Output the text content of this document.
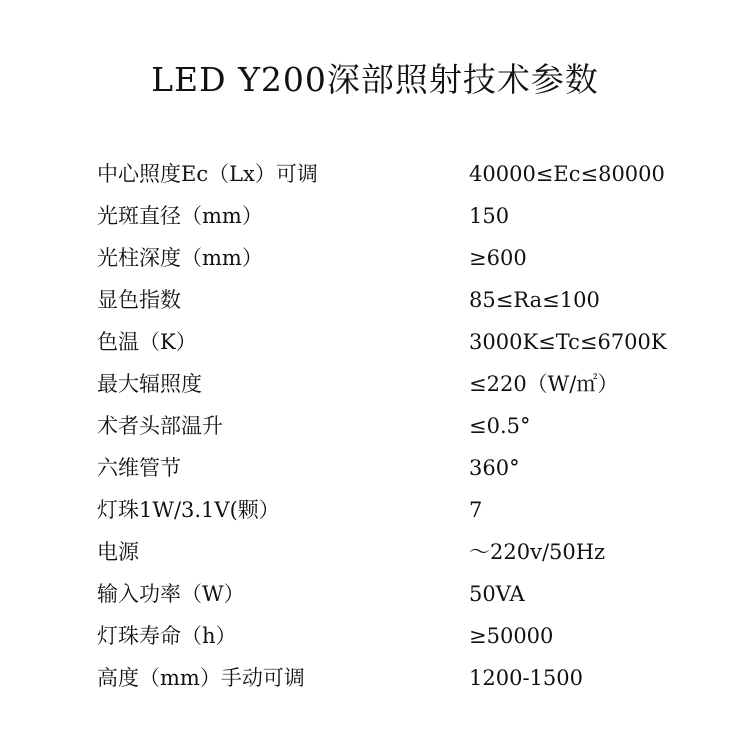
LED Y200深部照射技术参数
中心照度Ec（Lx）可调	40000≤Ec≤80000
光斑直径（mm）	150
光柱深度（mm）	≥600
显色指数	85≤Ra≤100
色温（K）	3000K≤Tc≤6700K
最大辐照度	≤220（W/㎡）
术者头部温升	≤0.5°
六维管节	360°
灯珠1W/3.1V(颗）	7
电源	～220v/50Hz
输入功率（W）	50VA
灯珠寿命（h）	≥50000
高度（mm）手动可调	1200-1500
